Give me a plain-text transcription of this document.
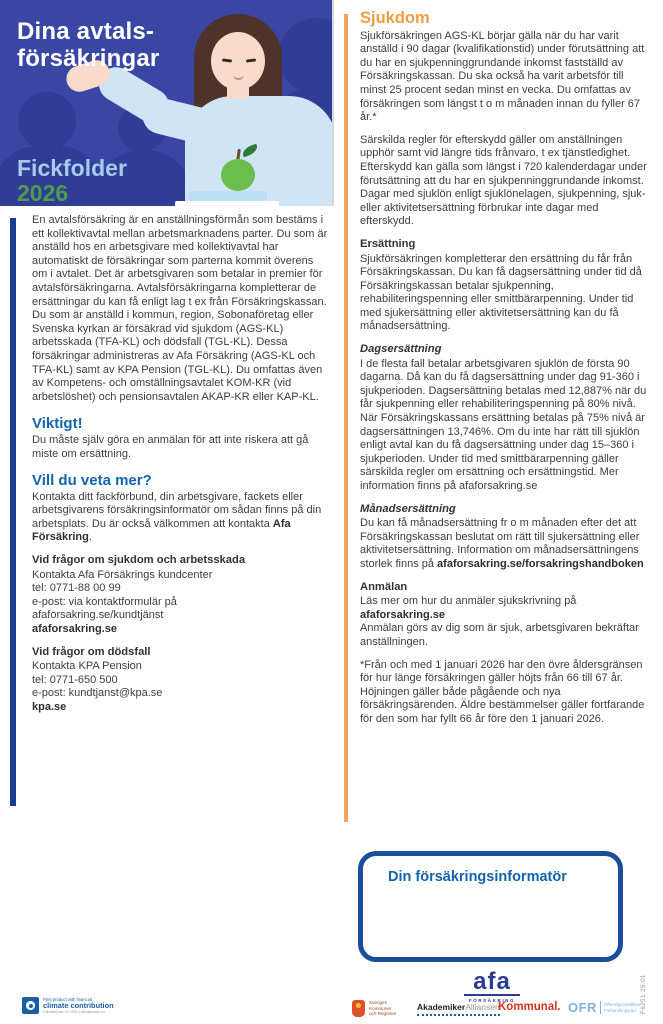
Dina avtals-
försäkringar
Fickfolder
2026

En avtalsförsäkring är en anställningsförmån som bestäms i ett kollektivavtal mellan arbetsmarknadens parter. Du som är anställd hos en arbetsgivare med kollektivavtal har automatiskt de försäkringar som parterna kommit överens om i avtalet. Det är arbetsgivaren som betalar in premier för avtalsförsäkringarna. Avtalsförsäkringarna kompletterar de ersättningar du kan få enligt lag t ex från Försäkringskassan. Du som är anställd i kommun, region, Sobonaföretag eller Svenska kyrkan är försäkrad vid sjukdom (AGS-KL) arbetsskada (TFA-KL) och dödsfall (TGL-KL). Dessa försäkringar administreras av Afa Försäkring (AGS-KL och TFA-KL) samt av KPA Pension (TGL-KL). Du omfattas även av Kompetens- och omställningsavtalet KOM-KR (vid arbetslöshet) och pensionsavtalen AKAP-KR eller KAP-KL.

Viktigt!

Du måste själv göra en anmälan för att inte riskera att gå miste om ersättning.

Vill du veta mer?

Kontakta ditt fackförbund, din arbetsgivare, fackets eller arbetsgivarens försäkringsinformatör om sådan finns på din arbetsplats. Du är också välkommen att kontakta Afa Försäkring.

Vid frågor om sjukdom och arbetsskada

Kontakta Afa Försäkrings kundcenter
tel: 0771-88 00 99
e-post: via kontaktformulär på
afaforsakring.se/kundtjänst
afaforsakring.se

Vid frågor om dödsfall

Kontakta KPA Pension
tel: 0771-650 500
e-post: kundtjanst@kpa.se
kpa.se

Sjukdom

Sjukförsäkringen AGS-KL börjar gälla när du har varit anställd i 90 dagar (kvalifikationstid) under förutsättning att du har en sjukpenninggrundande inkomst fastställd av Försäkringskassan. Du ska också ha varit arbetsför till minst 25 procent sedan minst en vecka. Du omfattas av försäkringen som längst t o m månaden innan du fyller 67 år.*

Särskilda regler för efterskydd gäller om anställningen upphör samt vid längre tids frånvaro, t ex tjänstledighet. Efterskydd kan gälla som längst i 720 kalenderdagar under förutsättning att du har en sjukpenninggrundande inkomst. Dagar med sjuklön enligt sjuklönelagen, sjukpenning, sjuk- eller aktivitetsersättning förbrukar inte dagar med efterskydd.

Ersättning

Sjukförsäkringen kompletterar den ersättning du får från Försäkringskassan. Du kan få dagsersättning under tid då Försäkringskassan betalar sjukpenning, rehabiliteringspenning eller smittbärarpenning. Under tid med sjukersättning eller aktivitetsersättning kan du få månadsersättning.

Dagsersättning

I de flesta fall betalar arbetsgivaren sjuklön de första 90 dagarna. Då kan du få dagsersättning under dag 91-360 i sjukperioden. Dagsersättning betalas med 12,887% när du får sjukpenning eller rehabiliteringspenning på 80% nivå. När Försäkringskassans ersättning betalas på 75% nivå är dagsersättningen 13,746%. Om du inte har rätt till sjuklön enligt avtal kan du få dagsersättning under dag 15–360 i sjukperioden. Under tid med smittbärarpenning gäller särskilda regler om ersättning och ersättningstid. Mer information finns på afaforsakring.se

Månadsersättning

Du kan få månadsersättning fr o m månaden efter det att Försäkringskassan beslutat om rätt till sjukersättning eller aktivitetsersättning. Information om månadsersättningens storlek finns på afaforsakring.se/forsakringshandboken

Anmälan

Läs mer om hur du anmäler sjukskrivning på
afaforsakring.se
Anmälan görs av dig som är sjuk, arbetsgivaren bekräftar anställningen.

*Från och med 1 januari 2026 har den övre åldersgränsen för hur länge försäkringen gäller höjts från 66 till 67 år. Höjningen gäller både pågående och nya försäkringsärenden. Äldre bestämmelser gäller fortfarande för den som har fyllt 66 år före den 1 januari 2026.

Din försäkringsinformatör
afa
FÖRSÄKRING
Sveriges
Kommuner
och Regioner
AkademikerAlliansen
Kommunal. OFR Offentliganställdas
Förhandlingsråd
Print product with financial
climate contribution
ClimateCalc CC-000 | climatecalc.eu	F6251 25.01
